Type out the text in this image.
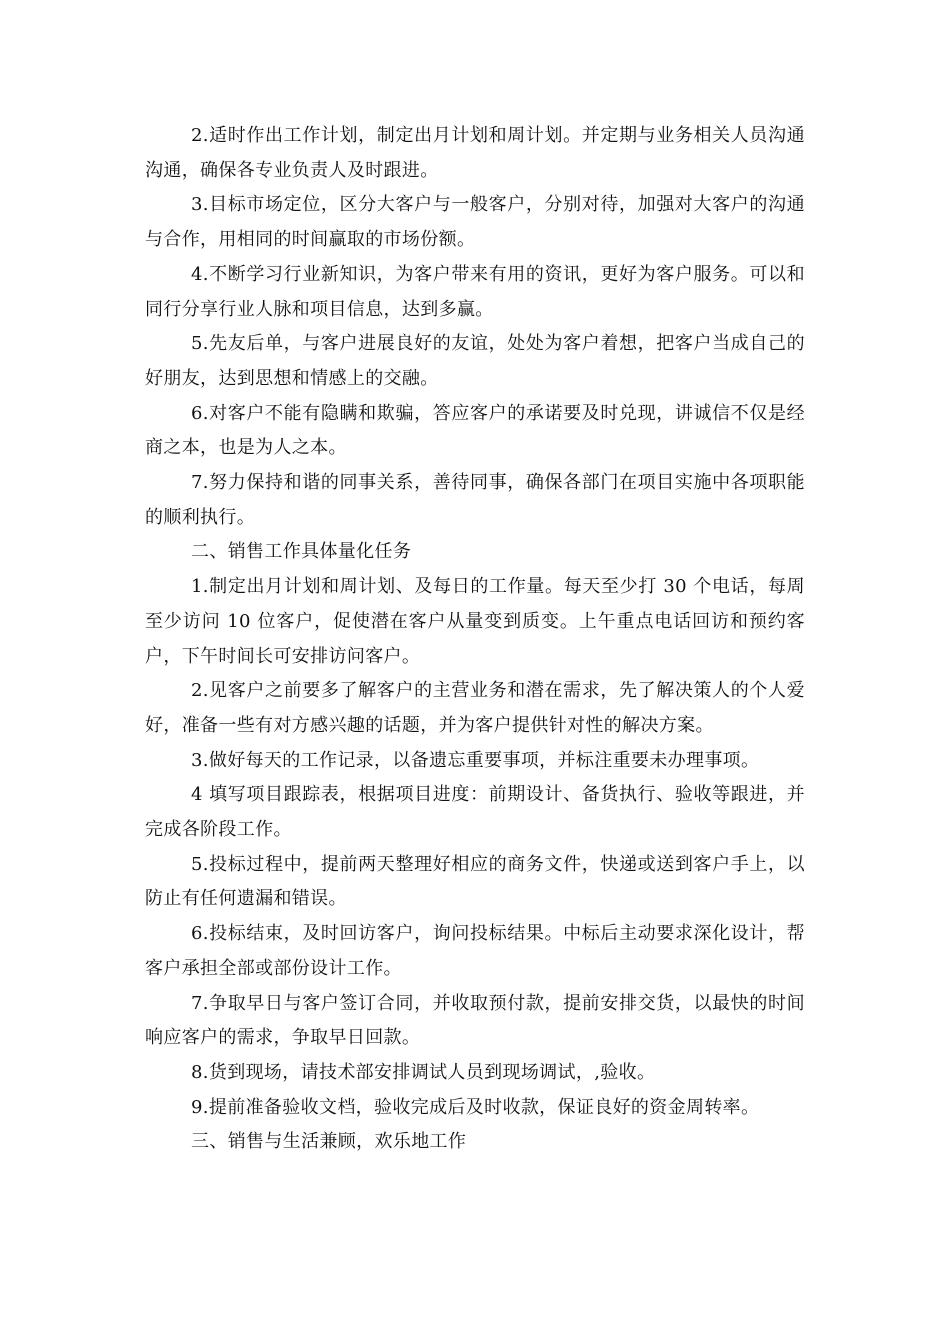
2.适时作出工作计划，制定出月计划和周计划。并定期与业务相关人员沟通沟通，确保各专业负责人及时跟进。

3.目标市场定位，区分大客户与一般客户，分别对待，加强对大客户的沟通与合作，用相同的时间赢取的市场份额。

4.不断学习行业新知识，为客户带来有用的资讯，更好为客户服务。可以和同行分享行业人脉和项目信息，达到多赢。

5.先友后单，与客户进展良好的友谊，处处为客户着想，把客户当成自己的好朋友，达到思想和情感上的交融。

6.对客户不能有隐瞒和欺骗，答应客户的承诺要及时兑现，讲诚信不仅是经商之本，也是为人之本。

7.努力保持和谐的同事关系，善待同事，确保各部门在项目实施中各项职能的顺利执行。

二、销售工作具体量化任务

1.制定出月计划和周计划、及每日的工作量。每天至少打 30 个电话，每周至少访问 10 位客户，促使潜在客户从量变到质变。上午重点电话回访和预约客户，下午时间长可安排访问客户。

2.见客户之前要多了解客户的主营业务和潜在需求，先了解决策人的个人爱好，准备一些有对方感兴趣的话题，并为客户提供针对性的解决方案。

3.做好每天的工作记录，以备遗忘重要事项，并标注重要未办理事项。

4 填写项目跟踪表，根据项目进度：前期设计、备货执行、验收等跟进，并完成各阶段工作。

5.投标过程中，提前两天整理好相应的商务文件，快递或送到客户手上，以防止有任何遗漏和错误。

6.投标结束，及时回访客户，询问投标结果。中标后主动要求深化设计，帮客户承担全部或部份设计工作。

7.争取早日与客户签订合同，并收取预付款，提前安排交货，以最快的时间响应客户的需求，争取早日回款。

8.货到现场，请技术部安排调试人员到现场调试，,验收。

9.提前准备验收文档，验收完成后及时收款，保证良好的资金周转率。

三、销售与生活兼顾，欢乐地工作
